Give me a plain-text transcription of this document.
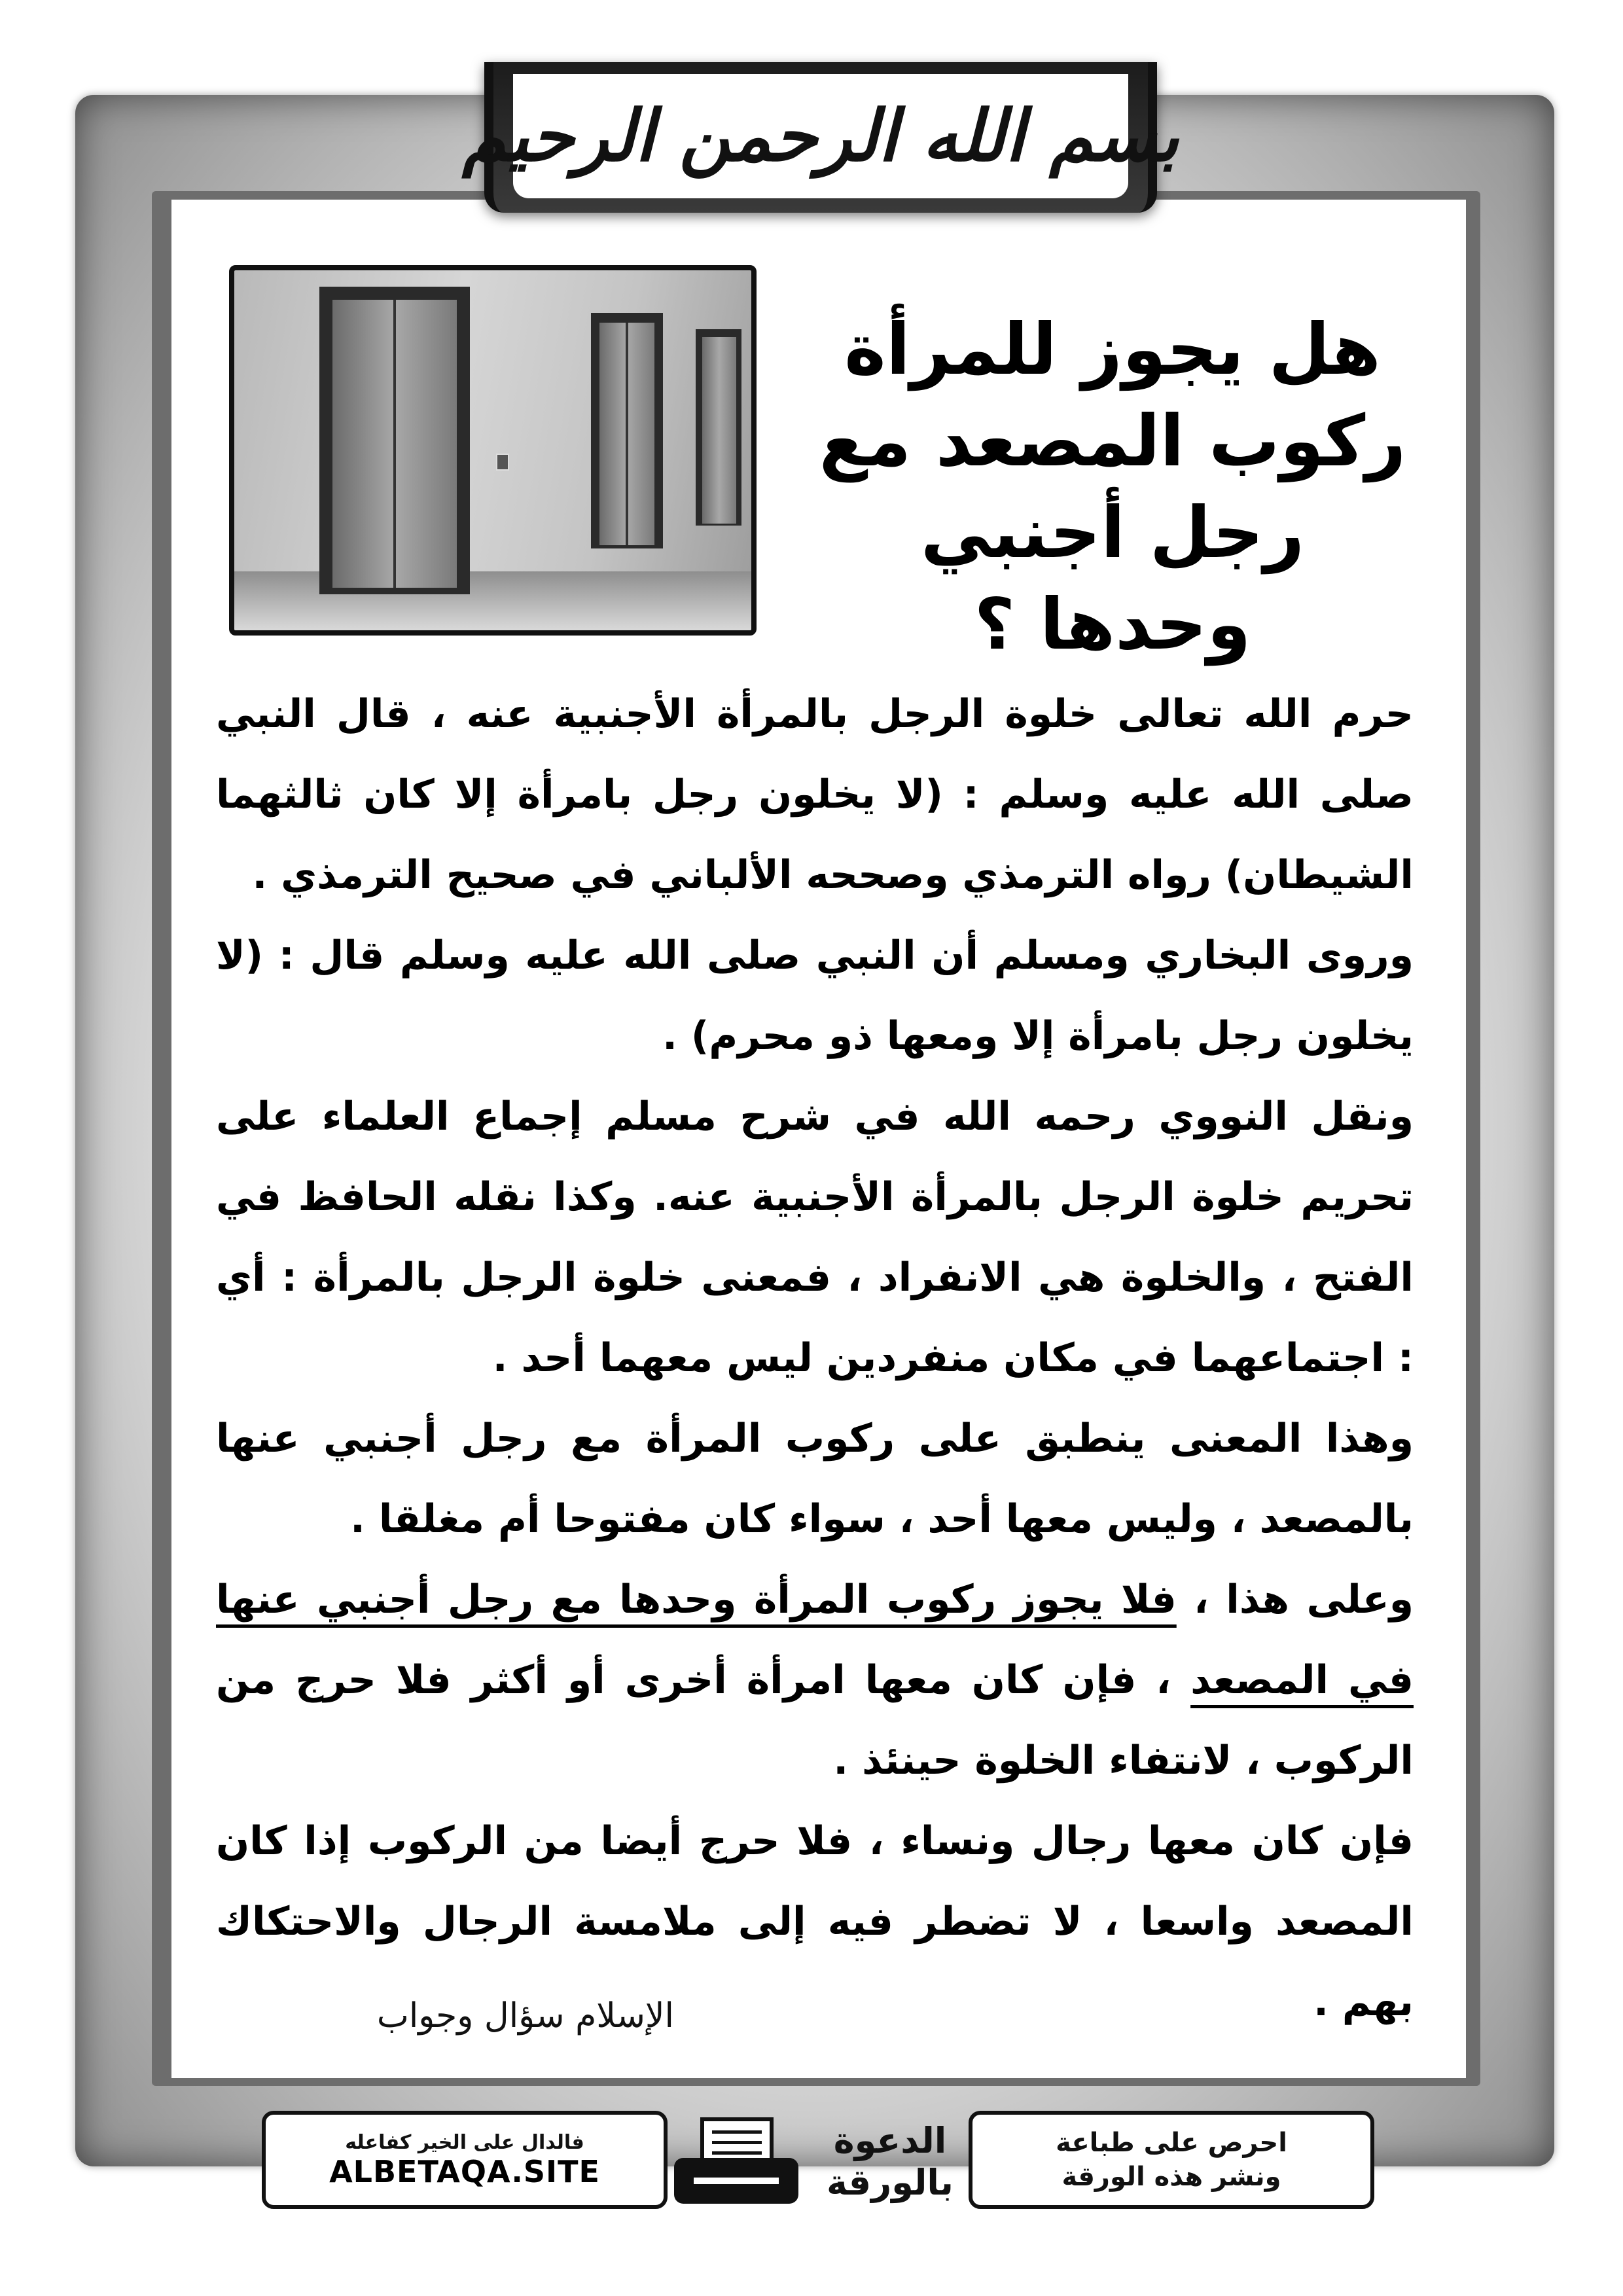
بسم الله الرحمن الرحيم
هل يجوز للمرأة
ركوب المصعد مع
رجل أجنبي وحدها ؟

حرم الله تعالى خلوة الرجل بالمرأة الأجنبية عنه ، قال النبي صلى الله عليه وسلم : (لا يخلون رجل بامرأة إلا كان ثالثهما الشيطان) رواه الترمذي وصححه الألباني في صحيح الترمذي .

وروى البخاري ومسلم أن النبي صلى الله عليه وسلم قال : (لا يخلون رجل بامرأة إلا ومعها ذو محرم) .

ونقل النووي رحمه الله في شرح مسلم إجماع العلماء على تحريم خلوة الرجل بالمرأة الأجنبية عنه. وكذا نقله الحافظ في الفتح ، والخلوة هي الانفراد ، فمعنى خلوة الرجل بالمرأة : أي : اجتماعهما في مكان منفردين ليس معهما أحد .

وهذا المعنى ينطبق على ركوب المرأة مع رجل أجنبي عنها بالمصعد ، وليس معها أحد ، سواء كان مفتوحا أم مغلقا .

وعلى هذا ، فلا يجوز ركوب المرأة وحدها مع رجل أجنبي عنها في المصعد ، فإن كان معها امرأة أخرى أو أكثر فلا حرج من الركوب ، لانتفاء الخلوة حينئذ .

فإن كان معها رجال ونساء ، فلا حرج أيضا من الركوب إذا كان المصعد واسعا ، لا تضطر فيه إلى ملامسة الرجال والاحتكاك بهم .

الإسلام سؤال وجواب
فالدال على الخير كفاعله
ALBETAQA.SITE
الدعوة
بالورقة
احرص على طباعة
ونشر هذه الورقة
